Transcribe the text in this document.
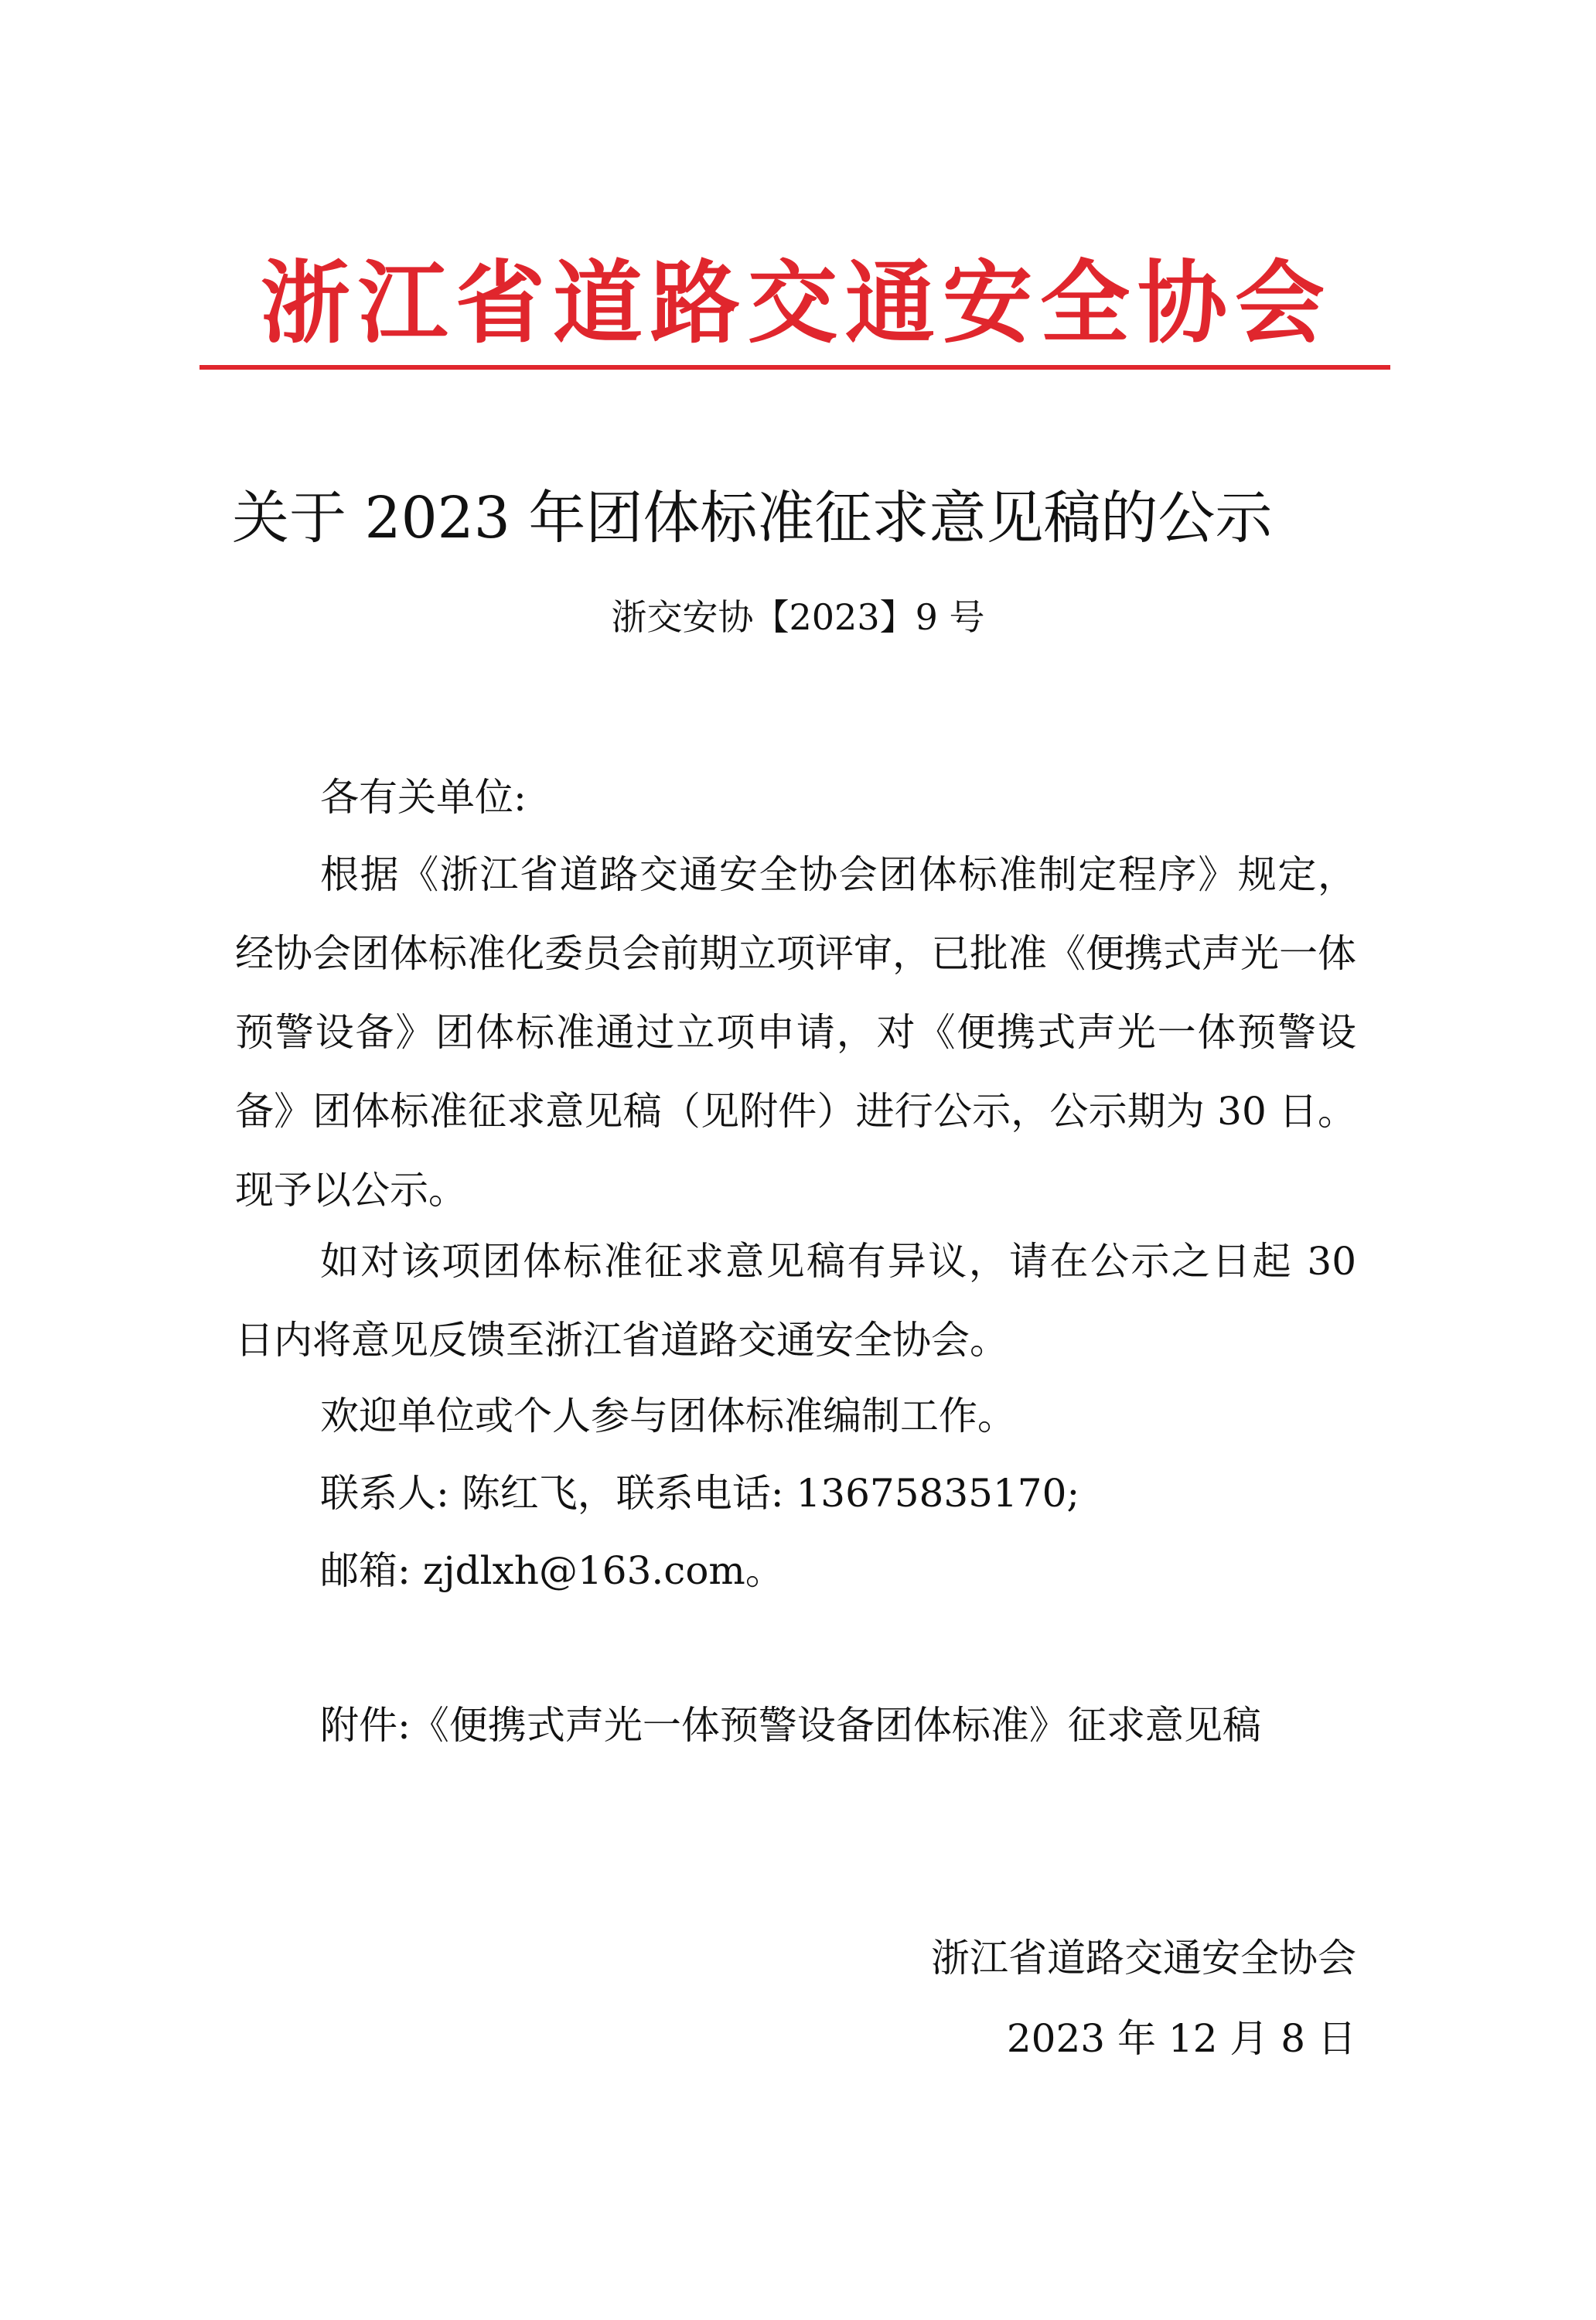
浙江省道路交通安全协会
关于 2023 年团体标准征求意见稿的公示
浙交安协【2023】9 号
各有关单位:
根据《浙江省道路交通安全协会团体标准制定程序》规定，经协会团体标准化委员会前期立项评审，已批准《便携式声光一体预警设备》团体标准通过立项申请，对《便携式声光一体预警设备》团体标准征求意见稿（见附件）进行公示，公示期为 30 日。现予以公示。
如对该项团体标准征求意见稿有异议，请在公示之日起 30 日内将意见反馈至浙江省道路交通安全协会。
欢迎单位或个人参与团体标准编制工作。
联系人: 陈红飞，联系电话: 13675835170;
邮箱: zjdlxh@163.com。
附件:《便携式声光一体预警设备团体标准》征求意见稿
浙江省道路交通安全协会
2023 年 12 月 8 日
